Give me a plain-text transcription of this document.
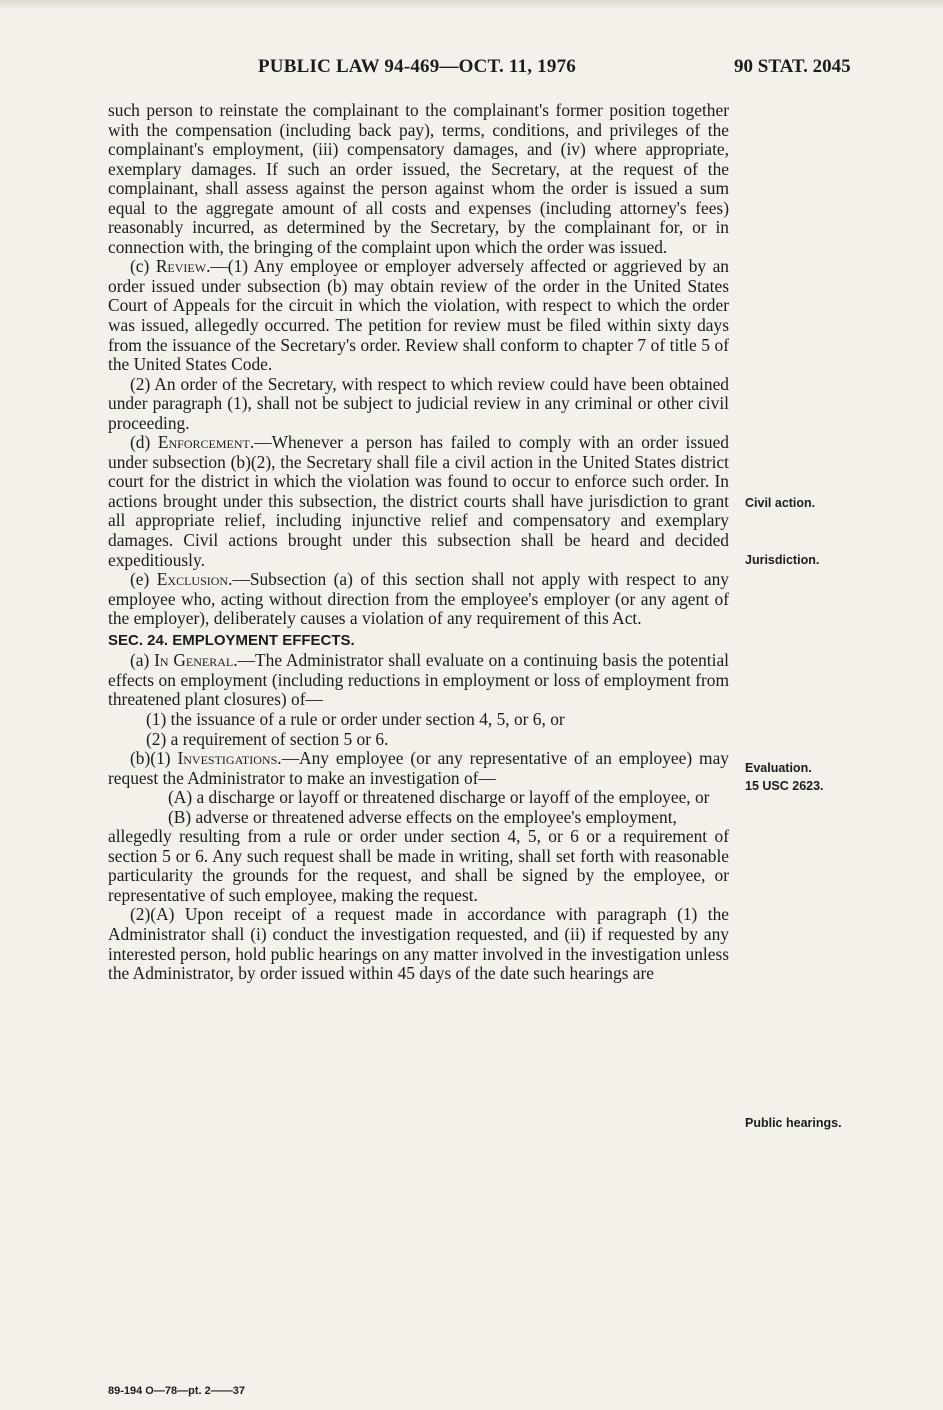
PUBLIC LAW 94-469—OCT. 11, 1976	90 STAT. 2045

such person to reinstate the complainant to the complainant's former position together with the compensation (including back pay), terms, conditions, and privileges of the complainant's employment, (iii) compensatory damages, and (iv) where appropriate, exemplary damages. If such an order issued, the Secretary, at the request of the complainant, shall assess against the person against whom the order is issued a sum equal to the aggregate amount of all costs and expenses (including attorney's fees) reasonably incurred, as determined by the Secretary, by the complainant for, or in connection with, the bringing of the complaint upon which the order was issued.

(c) Review.—(1) Any employee or employer adversely affected or aggrieved by an order issued under subsection (b) may obtain review of the order in the United States Court of Appeals for the circuit in which the violation, with respect to which the order was issued, allegedly occurred. The petition for review must be filed within sixty days from the issuance of the Secretary's order. Review shall conform to chapter 7 of title 5 of the United States Code.

(2) An order of the Secretary, with respect to which review could have been obtained under paragraph (1), shall not be subject to judicial review in any criminal or other civil proceeding.

(d) Enforcement.—Whenever a person has failed to comply with an order issued under subsection (b)(2), the Secretary shall file a civil action in the United States district court for the district in which the violation was found to occur to enforce such order. In actions brought under this subsection, the district courts shall have jurisdiction to grant all appropriate relief, including injunctive relief and compensatory and exemplary damages. Civil actions brought under this subsection shall be heard and decided expeditiously.

(e) Exclusion.—Subsection (a) of this section shall not apply with respect to any employee who, acting without direction from the employee's employer (or any agent of the employer), deliberately causes a violation of any requirement of this Act.

SEC. 24. EMPLOYMENT EFFECTS.

(a) In General.—The Administrator shall evaluate on a continuing basis the potential effects on employment (including reductions in employment or loss of employment from threatened plant closures) of—

(1) the issuance of a rule or order under section 4, 5, or 6, or

(2) a requirement of section 5 or 6.

(b)(1) Investigations.—Any employee (or any representative of an employee) may request the Administrator to make an investigation of—

(A) a discharge or layoff or threatened discharge or layoff of the employee, or

(B) adverse or threatened adverse effects on the employee's employment,

allegedly resulting from a rule or order under section 4, 5, or 6 or a requirement of section 5 or 6. Any such request shall be made in writing, shall set forth with reasonable particularity the grounds for the request, and shall be signed by the employee, or representative of such employee, making the request.

(2)(A) Upon receipt of a request made in accordance with paragraph (1) the Administrator shall (i) conduct the investigation requested, and (ii) if requested by any interested person, hold public hearings on any matter involved in the investigation unless the Administrator, by order issued within 45 days of the date such hearings are

Civil action.
Jurisdiction.
Evaluation.
15 USC 2623.
Public hearings.
89-194 O—78—pt. 2——37
